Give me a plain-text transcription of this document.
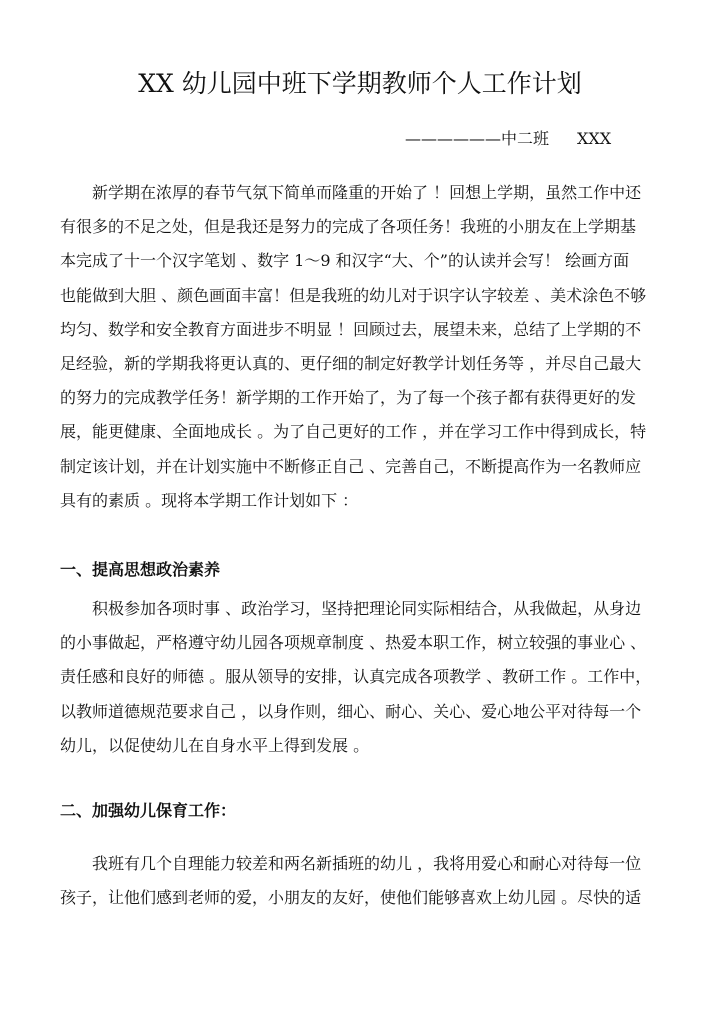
XX 幼儿园中班下学期教师个人工作计划
——————中二班 XXX
新学期在浓厚的春节气氛下简单而隆重的开始了 ！回想上学期，虽然工作中还
有很多的不足之处，但是我还是努力的完成了各项任务！我班的小朋友在上学期基
本完成了十一个汉字笔划 、数字 1～9 和汉字“大、个”的认读并会写！ 绘画方面
也能做到大胆 、颜色画面丰富！但是我班的幼儿对于识字认字较差 、美术涂色不够
均匀、数学和安全教育方面进步不明显 ！回顾过去，展望未来，总结了上学期的不
足经验，新的学期我将更认真的、更仔细的制定好教学计划任务等 ，并尽自己最大
的努力的完成教学任务！新学期的工作开始了，为了每一个孩子都有获得更好的发
展，能更健康、全面地成长 。为了自己更好的工作 ，并在学习工作中得到成长，特
制定该计划，并在计划实施中不断修正自己 、完善自己，不断提高作为一名教师应
具有的素质 。现将本学期工作计划如下 ：
一、提高思想政治素养
积极参加各项时事 、政治学习，坚持把理论同实际相结合，从我做起，从身边
的小事做起，严格遵守幼儿园各项规章制度 、热爱本职工作，树立较强的事业心 、
责任感和良好的师德 。服从领导的安排，认真完成各项教学 、教研工作 。工作中，
以教师道德规范要求自己 ，以身作则，细心、耐心、关心、爱心地公平对待每一个
幼儿，以促使幼儿在自身水平上得到发展 。
二、加强幼儿保育工作：
我班有几个自理能力较差和两名新插班的幼儿 ，我将用爱心和耐心对待每一位
孩子，让他们感到老师的爱，小朋友的友好，使他们能够喜欢上幼儿园 。尽快的适
